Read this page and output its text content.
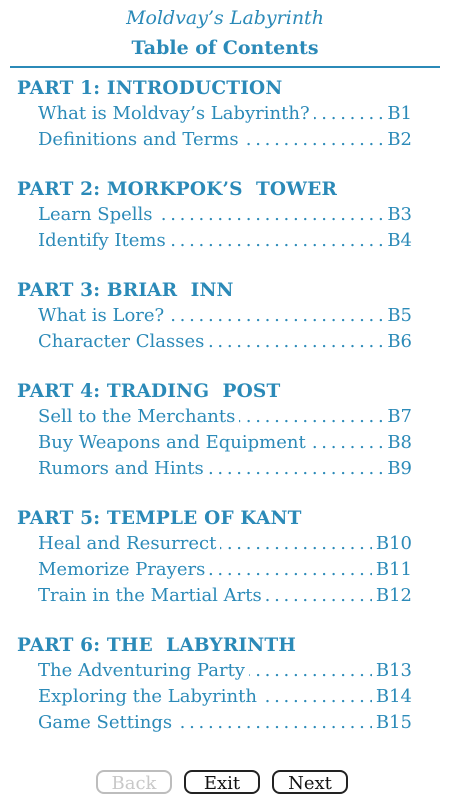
Moldvay’s Labyrinth
Table of Contents
PART 1: INTRODUCTION
. . .
What is Moldvay’s Labyrinth?	B1
. . .
Definitions and Terms	B2
PART 2: MORKPOK’S  TOWER
. . .
Learn Spells	B3
. . .
Identify Items	B4
PART 3: BRIAR  INN
. . .
What is Lore?	B5
. . .
Character Classes	B6
PART 4: TRADING  POST
. . .
Sell to the Merchants	B7
. . .
Buy Weapons and Equipment	B8
. . .
Rumors and Hints	B9
PART 5: TEMPLE OF KANT
. . .
Heal and Resurrect	B10
. . .
Memorize Prayers	B11
. . .
Train in the Martial Arts	B12
PART 6: THE  LABYRINTH
. . .
The Adventuring Party	B13
. . .
Exploring the Labyrinth	B14
. . .
Game Settings	B15
Back	Exit	Next
